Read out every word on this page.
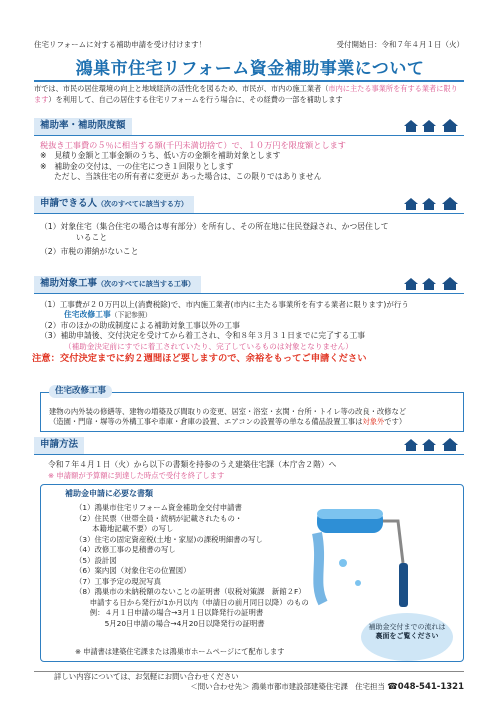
住宅リフォームに対する補助申請を受け付けます！	受付開始日：令和７年４月１日（火）
鴻巣市住宅リフォーム資金補助事業について
市では、市民の居住環境の向上と地域経済の活性化を図るため、市民が、市内の施工業者（市内に主たる事業所を有する業者に限ります）を利用して、自己の居住する住宅リフォームを行う場合に、その経費の一部を補助します
補助率・補助限度額
税抜き工事費の５％に相当する額(千円未満切捨て）で、１０万円を限度額とします
※　見積り金額と工事金額のうち、低い方の金額を補助対象とします
※　補助金の交付は、一の住宅につき１回限りとします
ただし、当該住宅の所有者に変更が あった場合は、この限りではありません
申請できる人（次のすべてに該当する方）
（1）対象住宅（集合住宅の場合は専有部分）を所有し、その所在地に住民登録され、かつ居住して
いること
（2）市税の滞納がないこと
補助対象工事（次のすべてに該当する工事）
（1）工事費が２０万円以上(消費税除)で、市内施工業者(市内に主たる事業所を有する業者に限ります)が行う
住宅改修工事（下記参照）
（2）市のほかの助成制度による補助対象工事以外の工事
（3）補助申請後、交付決定を受けてから着工され、令和８年３月３１日までに完了する工事
（補助金決定前にすでに着工されていたり、完了しているものは対象となりません）
注意：交付決定までに約２週間ほど要しますので、余裕をもってご申請ください
住宅改修工事
建物の内外装の修繕等、建物の増築及び間取りの変更、居室・浴室・玄関・台所・トイレ等の改良・改修など
（造園・門扉・塀等の外構工事や車庫・倉庫の設置、エアコンの設置等の単なる備品設置工事は対象外です）
申請方法
令和７年４月１日（火）から以下の書類を持参のうえ建築住宅課（本庁舎２階）へ
※ 申請額が予算額に到達した時点で受付を終了します
補助金申請に必要な書類
（1）鴻巣市住宅リフォーム資金補助金交付申請書
（2）住民票（世帯全員・続柄が記載されたもの・
　　 本籍地記載不要）の写し
（3）住宅の固定資産税(土地・家屋)の課税明細書の写し
（4）改修工事の見積書の写し
（5）設計図
（6）案内図（対象住宅の位置図）
（7）工事予定の現況写真
（8）鴻巣市の未納税額のないことの証明書（収税対策課　新館２F）
　　申請する日から発行が1か月以内（申請日の前月同日以降）のもの
　　例：４月１日申請の場合→3月１日以降発行の証明書
　　　　5月20日申請の場合→4月20日以降発行の証明書	補助金交付までの流れは
裏面をご覧ください
※ 申請書は建築住宅課または鴻巣市ホームページにて配布します
詳しい内容については、お気軽にお問い合わせください
＜問い合わせ先＞ 鴻巣市都市建設部建築住宅課　住宅担当 ☎048-541-1321
